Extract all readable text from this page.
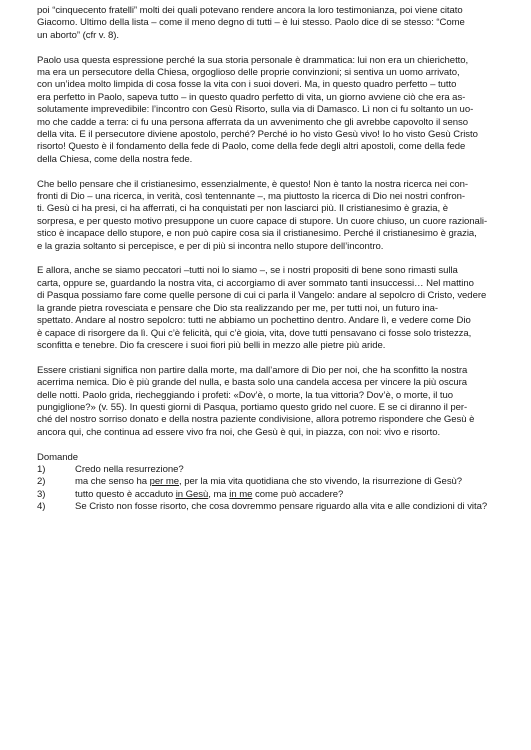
poi “cinquecento fratelli” molti dei quali potevano rendere ancora la loro testimonianza, poi viene citato
Giacomo. Ultimo della lista – come il meno degno di tutti – è lui stesso. Paolo dice di se stesso: “Come
un aborto” (cfr v. 8).
Paolo usa questa espressione perché la sua storia personale è drammatica: lui non era un chierichetto,
ma era un persecutore della Chiesa, orgoglioso delle proprie convinzioni; si sentiva un uomo arrivato,
con un’idea molto limpida di cosa fosse la vita con i suoi doveri. Ma, in questo quadro perfetto – tutto
era perfetto in Paolo, sapeva tutto – in questo quadro perfetto di vita, un giorno avviene ciò che era as-
solutamente imprevedibile: l’incontro con Gesù Risorto, sulla via di Damasco. Lì non ci fu soltanto un uo-
mo che cadde a terra: ci fu una persona afferrata da un avvenimento che gli avrebbe capovolto il senso
della vita. E il persecutore diviene apostolo, perché? Perché io ho visto Gesù vivo! Io ho visto Gesù Cristo
risorto! Questo è il fondamento della fede di Paolo, come della fede degli altri apostoli, come della fede
della Chiesa, come della nostra fede.
Che bello pensare che il cristianesimo, essenzialmente, è questo! Non è tanto la nostra ricerca nei con-
fronti di Dio – una ricerca, in verità, così tentennante –, ma piuttosto la ricerca di Dio nei nostri confron-
ti. Gesù ci ha presi, ci ha afferrati, ci ha conquistati per non lasciarci più. Il cristianesimo è grazia, è
sorpresa, e per questo motivo presuppone un cuore capace di stupore. Un cuore chiuso, un cuore razionali-
stico è incapace dello stupore, e non può capire cosa sia il cristianesimo. Perché il cristianesimo è grazia,
e la grazia soltanto si percepisce, e per di più si incontra nello stupore dell’incontro.
E allora, anche se siamo peccatori –tutti noi lo siamo –, se i nostri propositi di bene sono rimasti sulla
carta, oppure se, guardando la nostra vita, ci accorgiamo di aver sommato tanti insuccessi… Nel mattino
di Pasqua possiamo fare come quelle persone di cui ci parla il Vangelo: andare al sepolcro di Cristo, vedere
la grande pietra rovesciata e pensare che Dio sta realizzando per me, per tutti noi, un futuro ina-
spettato. Andare al nostro sepolcro: tutti ne abbiamo un pochettino dentro. Andare lì, e vedere come Dio
è capace di risorgere da lì. Qui c’è felicità, qui c’è gioia, vita, dove tutti pensavano ci fosse solo tristezza,
sconfitta e tenebre. Dio fa crescere i suoi fiori più belli in mezzo alle pietre più aride.
Essere cristiani significa non partire dalla morte, ma dall’amore di Dio per noi, che ha sconfitto la nostra
acerrima nemica. Dio è più grande del nulla, e basta solo una candela accesa per vincere la più oscura
delle notti. Paolo grida, riecheggiando i profeti: «Dov’è, o morte, la tua vittoria? Dov’è, o morte, il tuo
pungiglione?» (v. 55). In questi giorni di Pasqua, portiamo questo grido nel cuore. E se ci diranno il per-
ché del nostro sorriso donato e della nostra paziente condivisione, allora potremo rispondere che Gesù è
ancora qui, che continua ad essere vivo fra noi, che Gesù è qui, in piazza, con noi: vivo e risorto.
Domande
1)	Credo nella resurrezione?
2)	ma che senso ha per me, per la mia vita quotidiana che sto vivendo, la risurrezione di Gesù?
3)	tutto questo è accaduto in Gesù, ma in me come può accadere?
4)	Se Cristo non fosse risorto, che cosa dovremmo pensare riguardo alla vita e alle condizioni di vita?
